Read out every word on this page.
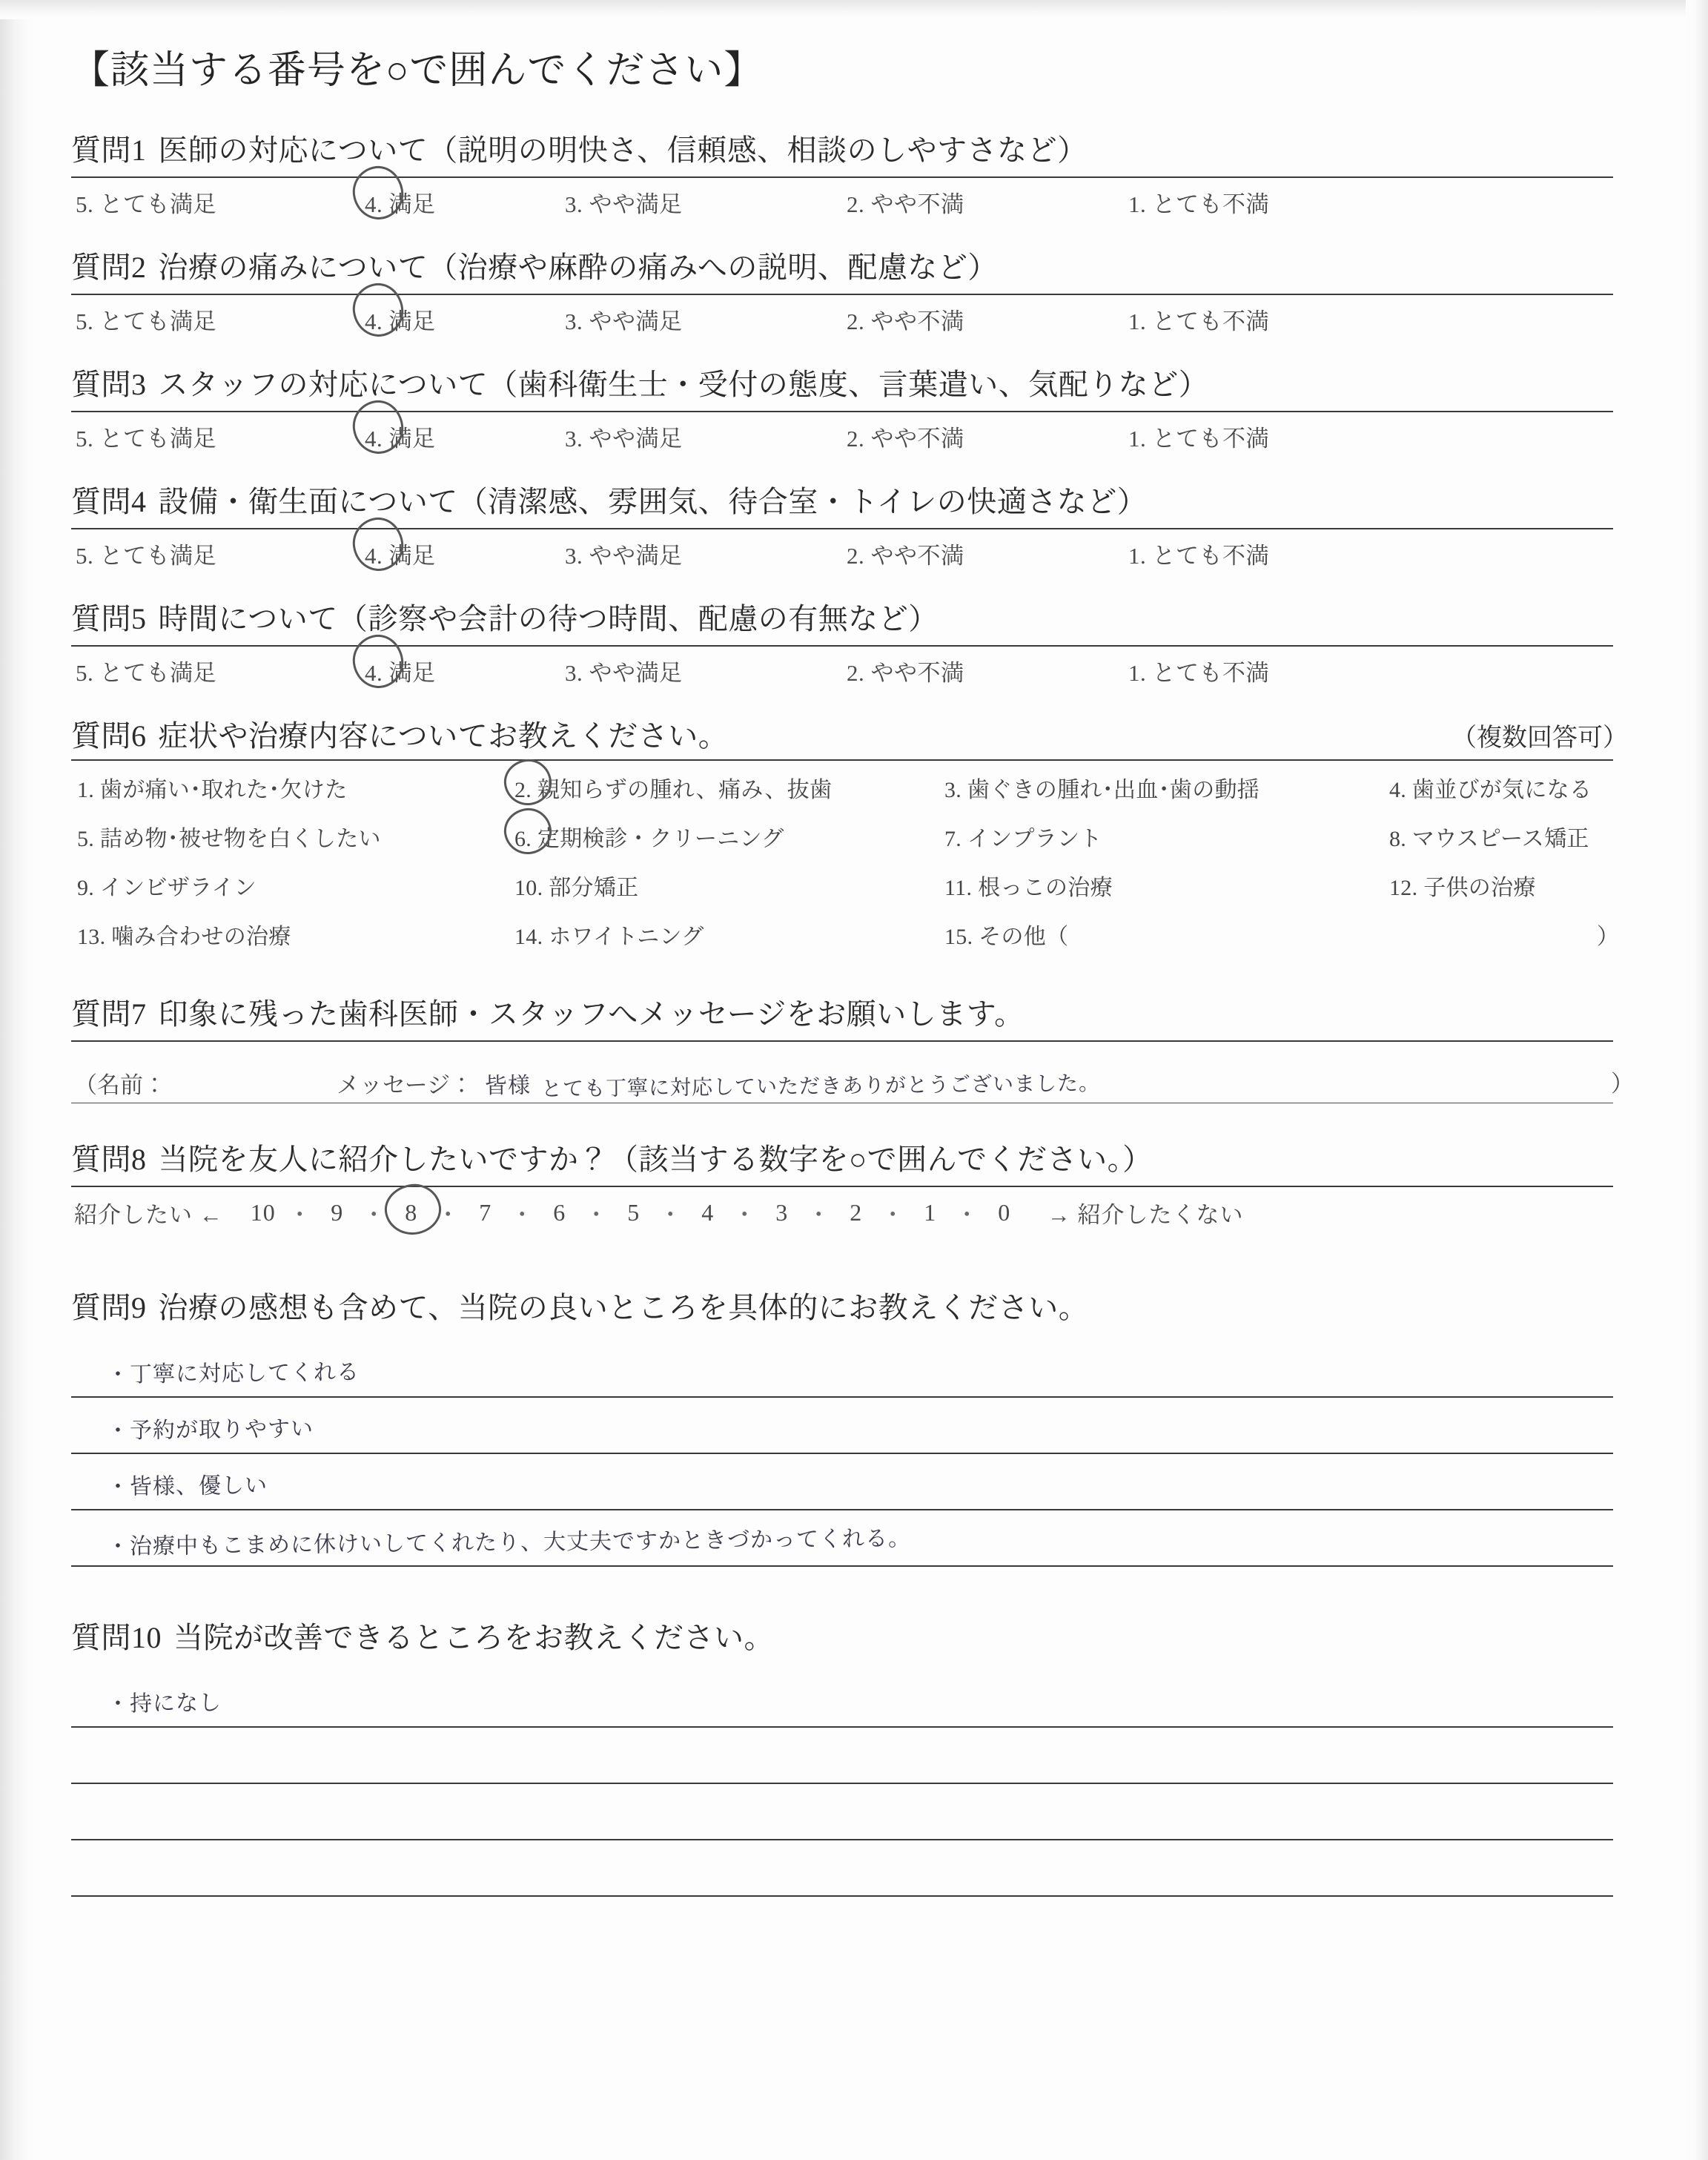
【該当する番号を○で囲んでください】
質問1 医師の対応について（説明の明快さ、信頼感、相談のしやすさなど）
5. とても満足	4. 満足	3. やや満足	2. やや不満	1. とても不満
質問2 治療の痛みについて（治療や麻酔の痛みへの説明、配慮など）
5. とても満足	4. 満足	3. やや満足	2. やや不満	1. とても不満
質問3 スタッフの対応について（歯科衛生士・受付の態度、言葉遣い、気配りなど）
5. とても満足	4. 満足	3. やや満足	2. やや不満	1. とても不満
質問4 設備・衛生面について（清潔感、雰囲気、待合室・トイレの快適さなど）
5. とても満足	4. 満足	3. やや満足	2. やや不満	1. とても不満
質問5 時間について（診察や会計の待つ時間、配慮の有無など）
5. とても満足	4. 満足	3. やや満足	2. やや不満	1. とても不満
質問6 症状や治療内容についてお教えください。	（複数回答可）
1. 歯が痛い･取れた･欠けた	2. 親知らずの腫れ、痛み、抜歯	3. 歯ぐきの腫れ･出血･歯の動揺	4. 歯並びが気になる
5. 詰め物･被せ物を白くしたい	6. 定期検診・クリーニング	7. インプラント	8. マウスピース矯正
9. インビザライン	10. 部分矯正	11. 根っこの治療	12. 子供の治療
13. 噛み合わせの治療	14. ホワイトニング	15. その他（	）
質問7 印象に残った歯科医師・スタッフへメッセージをお願いします。
（名前：	メッセージ： 皆様 とても丁寧に対応していただきありがとうございました。	）
質問8 当院を友人に紹介したいですか？（該当する数字を○で囲んでください。）
紹介したい ← 10 ・ 9 ・ 8 ・ 7 ・ 6 ・ 5 ・ 4 ・ 3 ・ 2 ・ 1 ・ 0	→ 紹介したくない
質問9 治療の感想も含めて、当院の良いところを具体的にお教えください。
・丁寧に対応してくれる
・予約が取りやすい
・皆様、優しい
・治療中もこまめに休けいしてくれたり、大丈夫ですかときづかってくれる。
質問10 当院が改善できるところをお教えください。
・持になし
